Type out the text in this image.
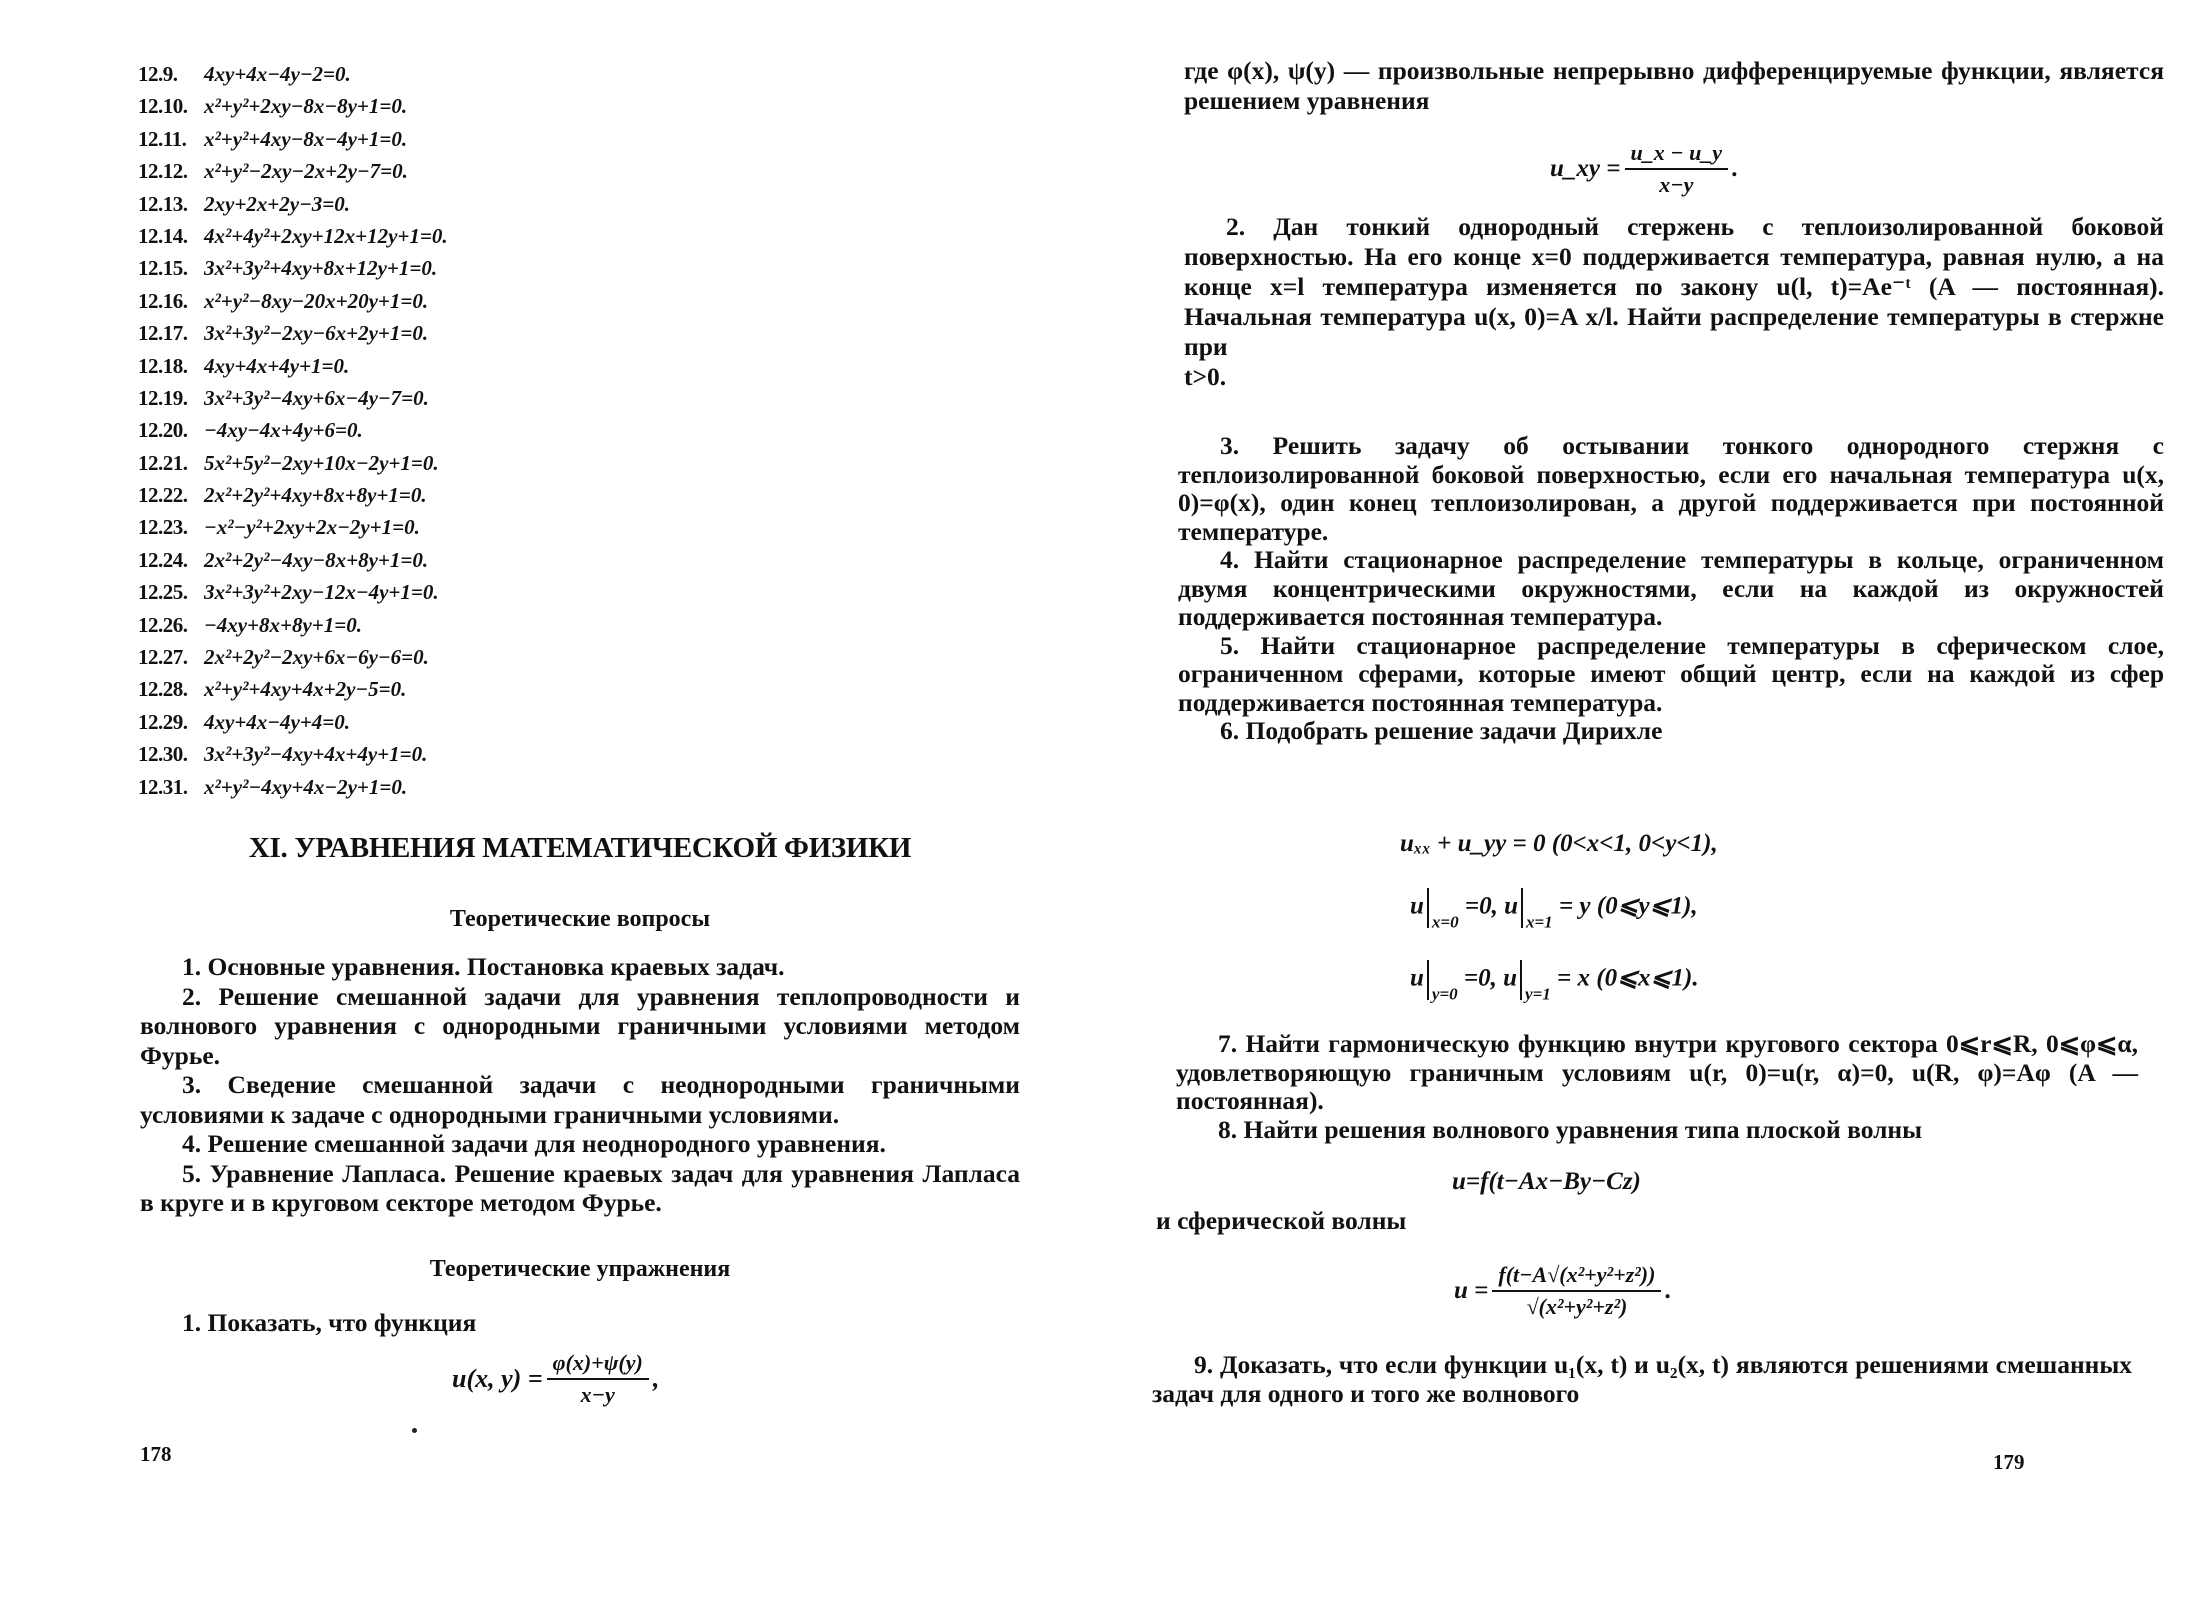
12.9. 4xy+4x−4y−2=0.
12.10. x²+y²+2xy−8x−8y+1=0.
12.11. x²+y²+4xy−8x−4y+1=0.
12.12. x²+y²−2xy−2x+2y−7=0.
12.13. 2xy+2x+2y−3=0.
12.14. 4x²+4y²+2xy+12x+12y+1=0.
12.15. 3x²+3y²+4xy+8x+12y+1=0.
12.16. x²+y²−8xy−20x+20y+1=0.
12.17. 3x²+3y²−2xy−6x+2y+1=0.
12.18. 4xy+4x+4y+1=0.
12.19. 3x²+3y²−4xy+6x−4y−7=0.
12.20. −4xy−4x+4y+6=0.
12.21. 5x²+5y²−2xy+10x−2y+1=0.
12.22. 2x²+2y²+4xy+8x+8y+1=0.
12.23. −x²−y²+2xy+2x−2y+1=0.
12.24. 2x²+2y²−4xy−8x+8y+1=0.
12.25. 3x²+3y²+2xy−12x−4y+1=0.
12.26. −4xy+8x+8y+1=0.
12.27. 2x²+2y²−2xy+6x−6y−6=0.
12.28. x²+y²+4xy+4x+2y−5=0.
12.29. 4xy+4x−4y+4=0.
12.30. 3x²+3y²−4xy+4x+4y+1=0.
12.31. x²+y²−4xy+4x−2y+1=0.
XI. УРАВНЕНИЯ МАТЕМАТИЧЕСКОЙ ФИЗИКИ
Теоретические вопросы

1. Основные уравнения. Постановка краевых задач.

2. Решение смешанной задачи для уравнения теплопроводности и волнового уравнения с однородными граничными условиями методом Фурье.

3. Сведение смешанной задачи с неоднородными граничными условиями к задаче с однородными граничными условиями.

4. Решение смешанной задачи для неоднородного уравнения.

5. Уравнение Лапласа. Решение краевых задач для уравнения Лапласа в круге и в круговом секторе методом Фурье.

Теоретические упражнения
1. Показать, что функция
u(x, $y) = \frac{\varphi(x)+\psi(y)}{x-y}$ ,
178

где φ(x), ψ(y) — произвольные непрерывно дифференцируемые функции, является решением уравнения

u_xy = $\frac{u\_x - u\_y}{x-y}$ .

2. Дан тонкий однородный стержень с теплоизолированной боковой поверхностью. На его конце x=0 поддерживается температура, равная нулю, а на конце x=l температура изменяется по закону u(l, t)=Ae⁻ᵗ (A — постоянная). Начальная температура u(x, 0)=A x/l. Найти распределение температуры в стержне при

t>0.

3. Решить задачу об остывании тонкого однородного стержня с теплоизолированной боковой поверхностью, если его начальная температура u(x, 0)=φ(x), один конец теплоизолирован, а другой поддерживается при постоянной температуре.

4. Найти стационарное распределение температуры в кольце, ограниченном двумя концентрическими окружностями, если на каждой из окружностей поддерживается постоянная температура.

5. Найти стационарное распределение температуры в сферическом слое, ограниченном сферами, которые имеют общий центр, если на каждой из сфер поддерживается постоянная температура.

6. Подобрать решение задачи Дирихле

uₓₓ + u_yy = 0 (0<x<1, 0<y<1),
$u_{x=0} =0$, $u_{x=1} = y$ (0⩽y⩽1),
$u_{y=0} =0$, $u_{y=1} = x$ (0⩽x⩽1).

7. Найти гармоническую функцию внутри кругового сектора 0⩽r⩽R, 0⩽φ⩽α, удовлетворяющую граничным условиям u(r, 0)=u(r, α)=0, u(R, φ)=Aφ (A — постоянная).

8. Найти решения волнового уравнения типа плоской волны

u=f(t−Ax−By−Cz)

и сферической волны

$u = \frac{\text{f(t−A√(x²+y²+z²))}}{\text{√(x²+y²+z²)}}$ .

9. Доказать, что если функции u₁(x, t) и u₂(x, t) являются решениями смешанных задач для одного и того же волнового

179
